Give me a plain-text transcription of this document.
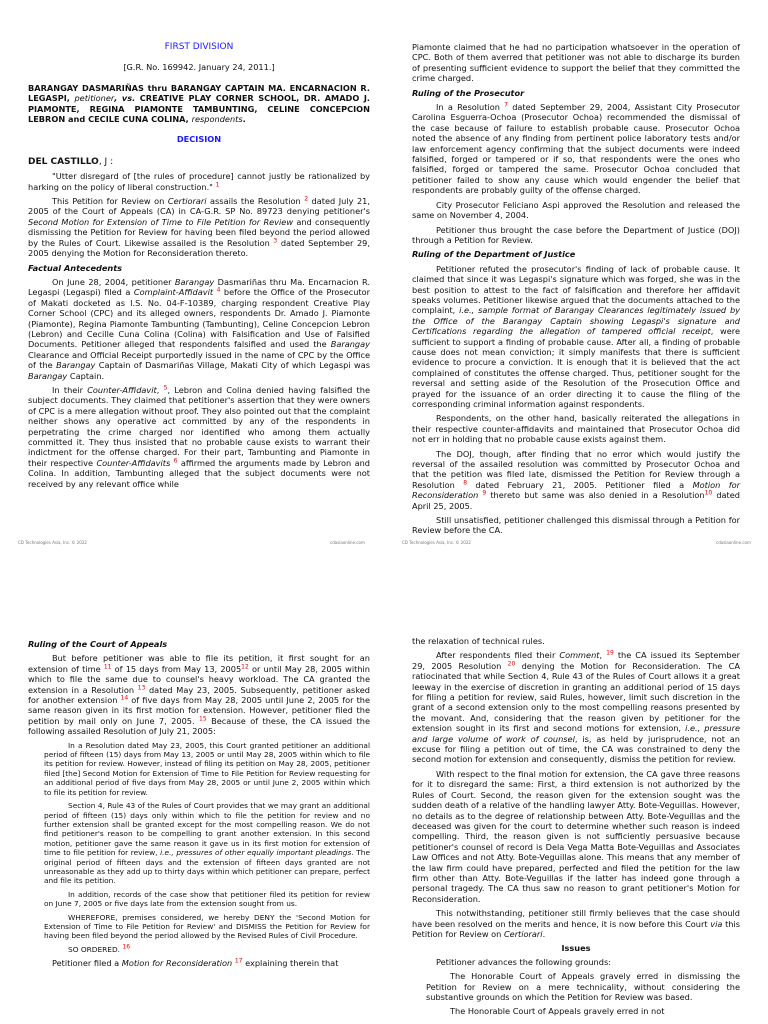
FIRST DIVISION

[G.R. No. 169942. January 24, 2011.]

BARANGAY DASMARIÑAS thru BARANGAY CAPTAIN MA. ENCARNACION R. LEGASPI, petitioner, vs. CREATIVE PLAY CORNER SCHOOL, DR. AMADO J. PIAMONTE, REGINA PIAMONTE TAMBUNTING, CELINE CONCEPCION LEBRON and CECILE CUNA COLINA, respondents.

DECISION

DEL CASTILLO, J :

"Utter disregard of [the rules of procedure] cannot justly be rationalized by harking on the policy of liberal construction." $^1$

This Petition for Review on Certiorari assails the Resolution $^2$ dated July 21, 2005 of the Court of Appeals (CA) in CA-G.R. SP No. 89723 denying petitioner's Second Motion for Extension of Time to File Petition for Review and consequently dismissing the Petition for Review for having been filed beyond the period allowed by the Rules of Court. Likewise assailed is the Resolution $^3$ dated September 29, 2005 denying the Motion for Reconsideration thereto.

Factual Antecedents

On June 28, 2004, petitioner Barangay Dasmariñas thru Ma. Encarnacion R. Legaspi (Legaspi) filed a Complaint-Affidavit $^4$ before the Office of the Prosecutor of Makati docketed as I.S. No. 04-F-10389, charging respondent Creative Play Corner School (CPC) and its alleged owners, respondents Dr. Amado J. Piamonte (Piamonte), Regina Piamonte Tambunting (Tambunting), Celine Concepcion Lebron (Lebron) and Cecille Cuna Colina (Colina) with Falsification and Use of Falsified Documents. Petitioner alleged that respondents falsified and used the Barangay Clearance and Official Receipt purportedly issued in the name of CPC by the Office of the Barangay Captain of Dasmariñas Village, Makati City of which Legaspi was Barangay Captain.

In their Counter-Affidavit, $^5$, Lebron and Colina denied having falsified the subject documents. They claimed that petitioner's assertion that they were owners of CPC is a mere allegation without proof. They also pointed out that the complaint neither shows any operative act committed by any of the respondents in perpetrating the crime charged nor identified who among them actually committed it. They thus insisted that no probable cause exists to warrant their indictment for the offense charged. For their part, Tambunting and Piamonte in their respective Counter-Affidavits $^6$ affirmed the arguments made by Lebron and Colina. In addition, Tambunting alleged that the subject documents were not received by any relevant office while

CD Technologies Asia, Inc. © 2022	cdasiaonline.com

Piamonte claimed that he had no participation whatsoever in the operation of CPC. Both of them averred that petitioner was not able to discharge its burden of presenting sufficient evidence to support the belief that they committed the crime charged.

Ruling of the Prosecutor

In a Resolution $^7$ dated September 29, 2004, Assistant City Prosecutor Carolina Esguerra-Ochoa (Prosecutor Ochoa) recommended the dismissal of the case because of failure to establish probable cause. Prosecutor Ochoa noted the absence of any finding from pertinent police laboratory tests and/or law enforcement agency confirming that the subject documents were indeed falsified, forged or tampered or if so, that respondents were the ones who falsified, forged or tampered the same. Prosecutor Ochoa concluded that petitioner failed to show any cause which would engender the belief that respondents are probably guilty of the offense charged.

City Prosecutor Feliciano Aspi approved the Resolution and released the same on November 4, 2004.

Petitioner thus brought the case before the Department of Justice (DOJ) through a Petition for Review.

Ruling of the Department of Justice

Petitioner refuted the prosecutor's finding of lack of probable cause. It claimed that since it was Legaspi's signature which was forged, she was in the best position to attest to the fact of falsification and therefore her affidavit speaks volumes. Petitioner likewise argued that the documents attached to the complaint, i.e., sample format of Barangay Clearances legitimately issued by the Office of the Barangay Captain showing Legaspi's signature and Certifications regarding the allegation of tampered official receipt, were sufficient to support a finding of probable cause. After all, a finding of probable cause does not mean conviction; it simply manifests that there is sufficient evidence to procure a conviction. It is enough that it is believed that the act complained of constitutes the offense charged. Thus, petitioner sought for the reversal and setting aside of the Resolution of the Prosecution Office and prayed for the issuance of an order directing it to cause the filing of the corresponding criminal information against respondents.

Respondents, on the other hand, basically reiterated the allegations in their respective counter-affidavits and maintained that Prosecutor Ochoa did not err in holding that no probable cause exists against them.

The DOJ, though, after finding that no error which would justify the reversal of the assailed resolution was committed by Prosecutor Ochoa and that the petition was filed late, dismissed the Petition for Review through a Resolution $^8$ dated February 21, 2005. Petitioner filed a Motion for Reconsideration $^9$ thereto but same was also denied in a Resolution$^{10}$ dated April 25, 2005.

Still unsatisfied, petitioner challenged this dismissal through a Petition for Review before the CA.

CD Technologies Asia, Inc. © 2022	cdasiaonline.com

Ruling of the Court of Appeals

But before petitioner was able to file its petition, it first sought for an extension of time $^{11}$ of 15 days from May 13, 2005$^{12}$ or until May 28, 2005 within which to file the same due to counsel's heavy workload. The CA granted the extension in a Resolution $^{13}$ dated May 23, 2005. Subsequently, petitioner asked for another extension $^{14}$ of five days from May 28, 2005 until June 2, 2005 for the same reason given in its first motion for extension. However, petitioner filed the petition by mail only on June 7, 2005. $^{15}$ Because of these, the CA issued the following assailed Resolution of July 21, 2005:

In a Resolution dated May 23, 2005, this Court granted petitioner an additional period of fifteen (15) days from May 13, 2005 or until May 28, 2005 within which to file its petition for review. However, instead of filing its petition on May 28, 2005, petitioner filed [the] Second Motion for Extension of Time to File Petition for Review requesting for an additional period of five days from May 28, 2005 or until June 2, 2005 within which to file its petition for review.

Section 4, Rule 43 of the Rules of Court provides that we may grant an additional period of fifteen (15) days only within which to file the petition for review and no further extension shall be granted except for the most compelling reason. We do not find petitioner's reason to be compelling to grant another extension. In this second motion, petitioner gave the same reason it gave us in its first motion for extension of time to file petition for review, i.e., pressures of other equally important pleadings. The original period of fifteen days and the extension of fifteen days granted are not unreasonable as they add up to thirty days within which petitioner can prepare, perfect and file its petition.

In addition, records of the case show that petitioner filed its petition for review on June 7, 2005 or five days late from the extension sought from us.

WHEREFORE, premises considered, we hereby DENY the 'Second Motion for Extension of Time to File Petition for Review' and DISMISS the Petition for Review for having been filed beyond the period allowed by the Revised Rules of Civil Procedure.

SO ORDERED. $^{16}$

Petitioner filed a Motion for Reconsideration $^{17}$ explaining therein that

the relaxation of technical rules.

After respondents filed their Comment, $^{19}$ the CA issued its September 29, 2005 Resolution $^{20}$ denying the Motion for Reconsideration. The CA ratiocinated that while Section 4, Rule 43 of the Rules of Court allows it a great leeway in the exercise of discretion in granting an additional period of 15 days for filing a petition for review, said Rules, however, limit such discretion in the grant of a second extension only to the most compelling reasons presented by the movant. And, considering that the reason given by petitioner for the extension sought in its first and second motions for extension, i.e., pressure and large volume of work of counsel, is, as held by jurisprudence, not an excuse for filing a petition out of time, the CA was constrained to deny the second motion for extension and consequently, dismiss the petition for review.

With respect to the final motion for extension, the CA gave three reasons for it to disregard the same: First, a third extension is not authorized by the Rules of Court. Second, the reason given for the extension sought was the sudden death of a relative of the handling lawyer Atty. Bote-Veguillas. However, no details as to the degree of relationship between Atty. Bote-Veguillas and the deceased was given for the court to determine whether such reason is indeed compelling. Third, the reason given is not sufficiently persuasive because petitioner's counsel of record is Dela Vega Matta Bote-Veguillas and Associates Law Offices and not Atty. Bote-Veguillas alone. This means that any member of the law firm could have prepared, perfected and filed the petition for the law firm other than Atty. Bote-Veguillas if the latter has indeed gone through a personal tragedy. The CA thus saw no reason to grant petitioner's Motion for Reconsideration.

This notwithstanding, petitioner still firmly believes that the case should have been resolved on the merits and hence, it is now before this Court via this Petition for Review on Certiorari.

Issues

Petitioner advances the following grounds:

The Honorable Court of Appeals gravely erred in dismissing the Petition for Review on a mere technicality, without considering the substantive grounds on which the Petition for Review was based.

The Honorable Court of Appeals gravely erred in not
